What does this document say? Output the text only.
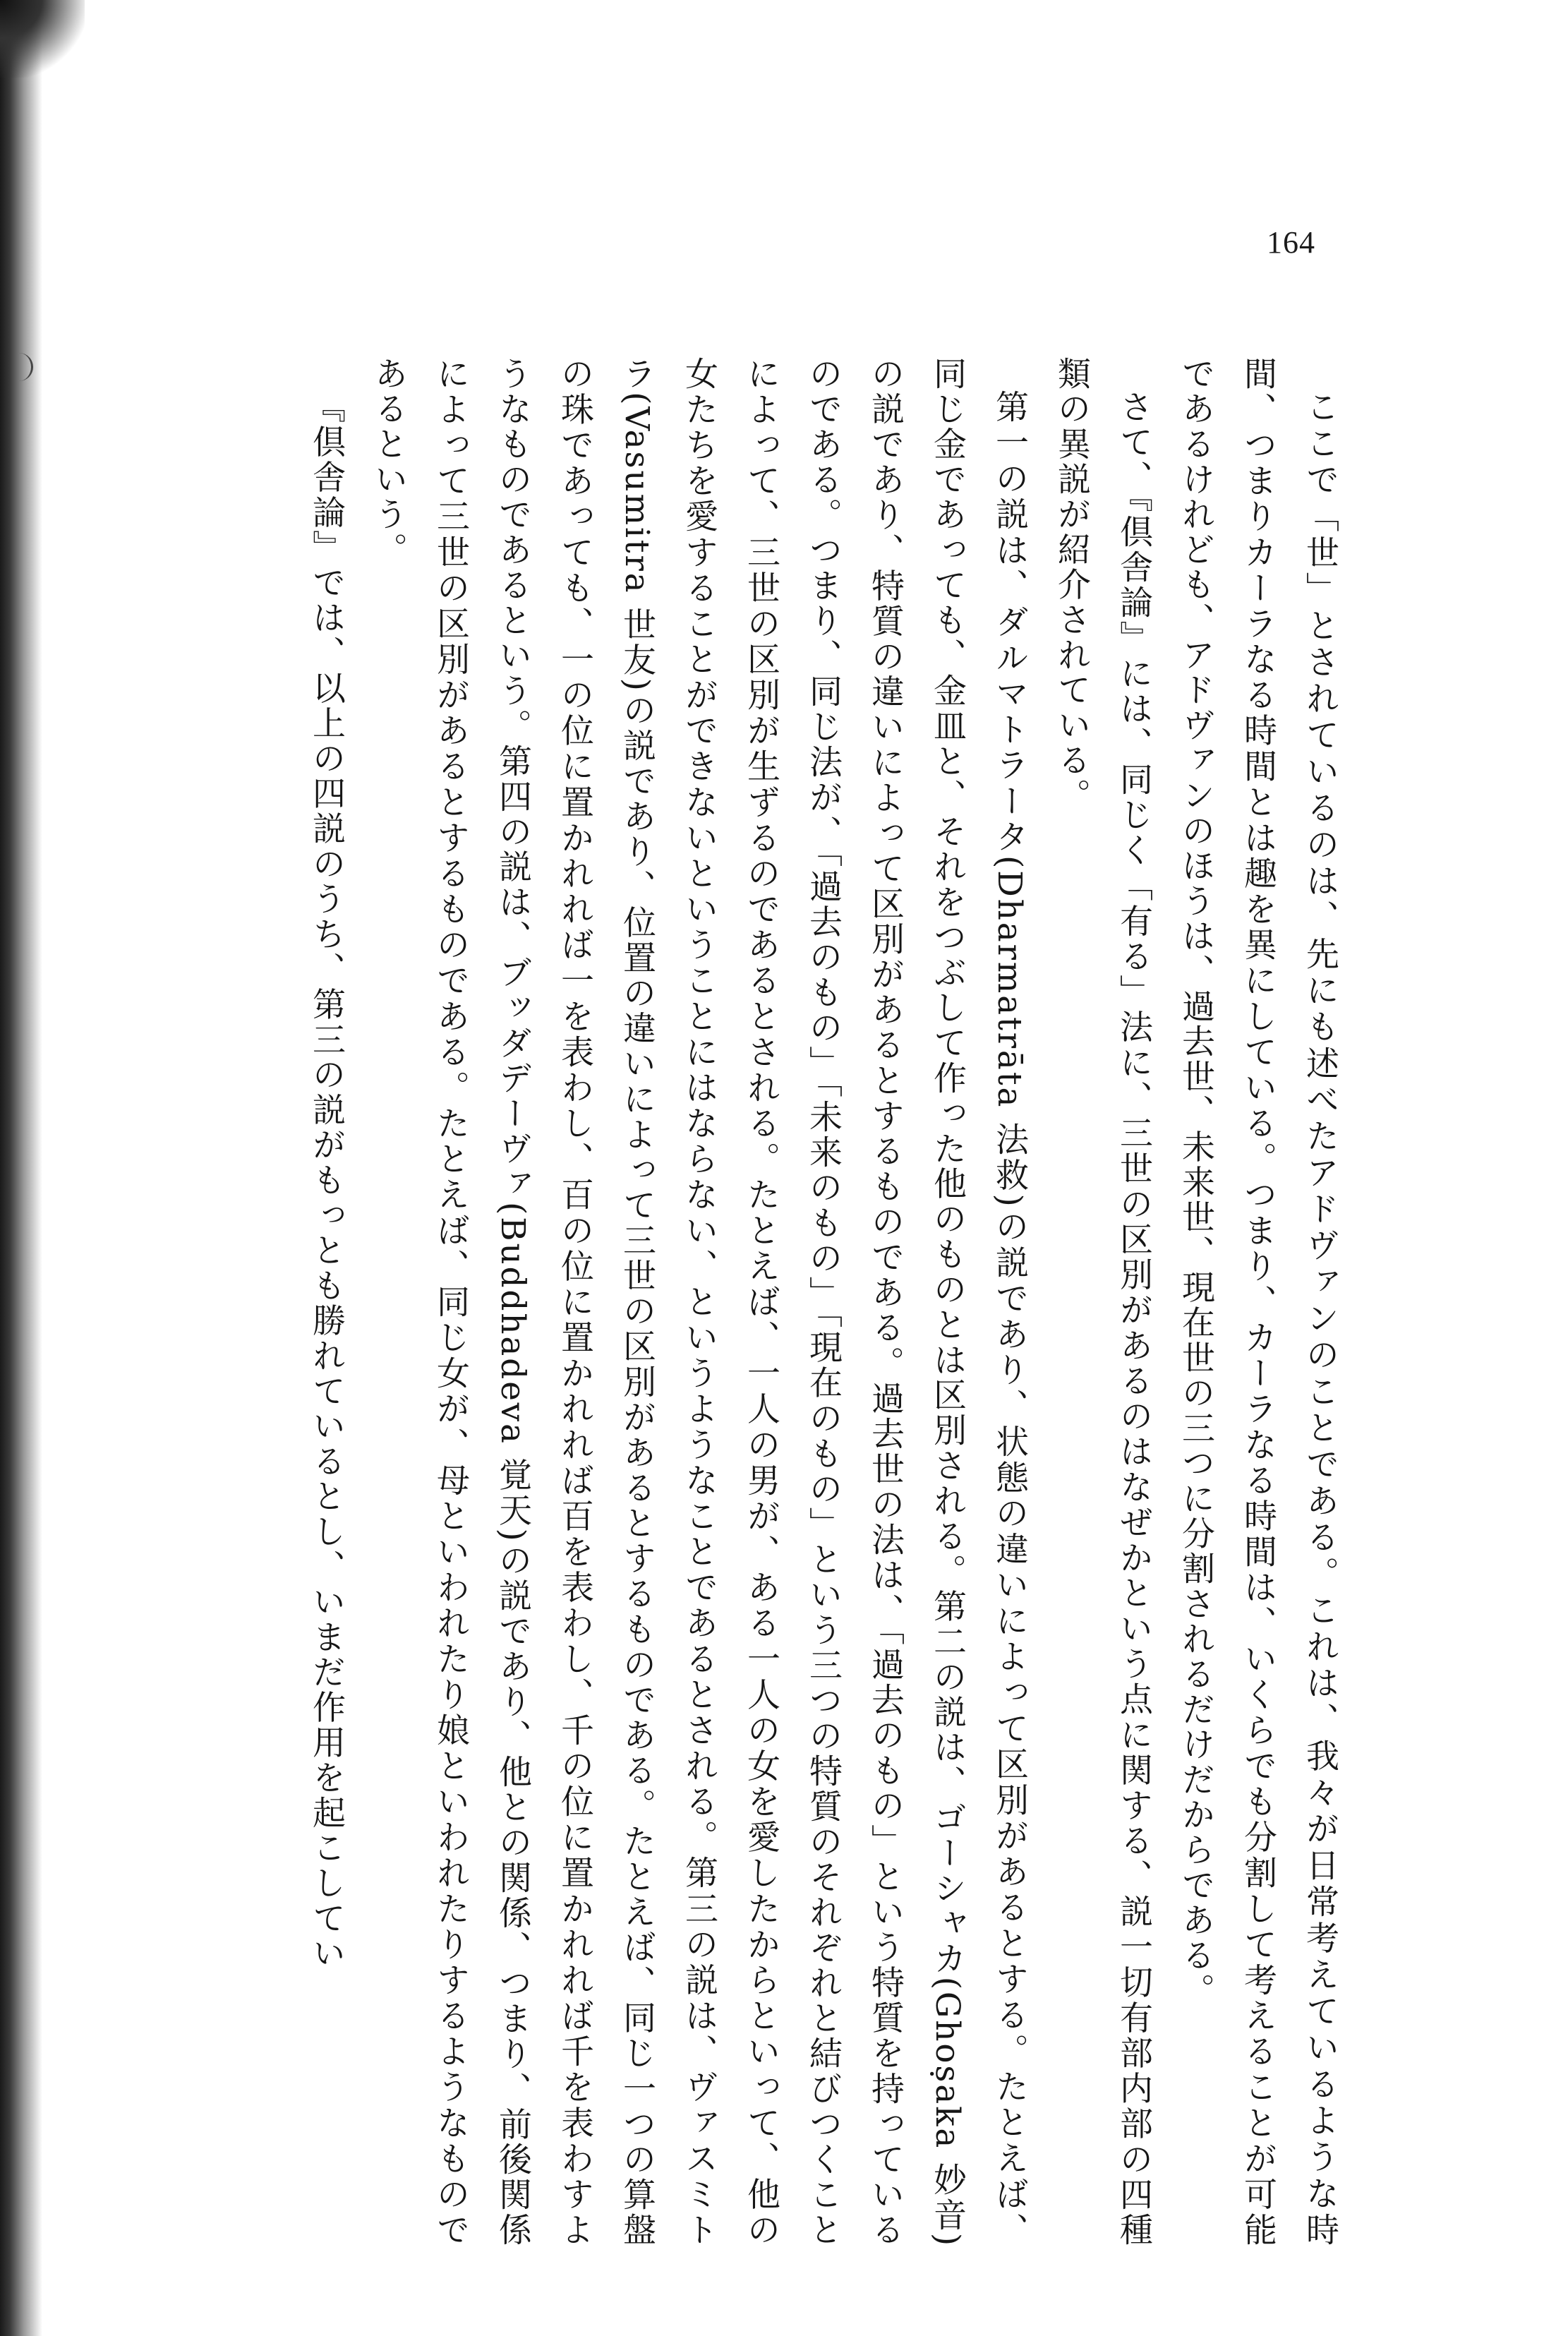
164

ここで「世」とされているのは、先にも述べたアドヴァンのことである。これは、我々が日常考えているような時間、つまりカーラなる時間とは趣を異にしている。つまり、カーラなる時間は、いくらでも分割して考えることが可能であるけれども、アドヴァンのほうは、過去世、未来世、現在世の三つに分割されるだけだからである。

さて、『倶舎論』には、同じく「有る」法に、三世の区別があるのはなぜかという点に関する、説一切有部内部の四種類の異説が紹介されている。

第一の説は、ダルマトラータ(Dharmatrāta 法救)の説であり、状態の違いによって区別があるとする。たとえば、同じ金であっても、金皿と、それをつぶして作った他のものとは区別される。第二の説は、ゴーシャカ(Ghoṣaka 妙音)の説であり、特質の違いによって区別があるとするものである。過去世の法は、「過去のもの」という特質を持っているのである。つまり、同じ法が、「過去のもの」「未来のもの」「現在のもの」という三つの特質のそれぞれと結びつくことによって、三世の区別が生ずるのであるとされる。たとえば、一人の男が、ある一人の女を愛したからといって、他の女たちを愛することができないということにはならない、というようなことであるとされる。第三の説は、ヴァスミトラ(Vasumitra 世友)の説であり、位置の違いによって三世の区別があるとするものである。たとえば、同じ一つの算盤の珠であっても、一の位に置かれれば一を表わし、百の位に置かれれば百を表わし、千の位に置かれれば千を表わすようなものであるという。第四の説は、ブッダデーヴァ(Buddhadeva 覚天)の説であり、他との関係、つまり、前後関係によって三世の区別があるとするものである。たとえば、同じ女が、母といわれたり娘といわれたりするようなものであるという。

『倶舎論』では、以上の四説のうち、第三の説がもっとも勝れているとし、いまだ作用を起こしてい
